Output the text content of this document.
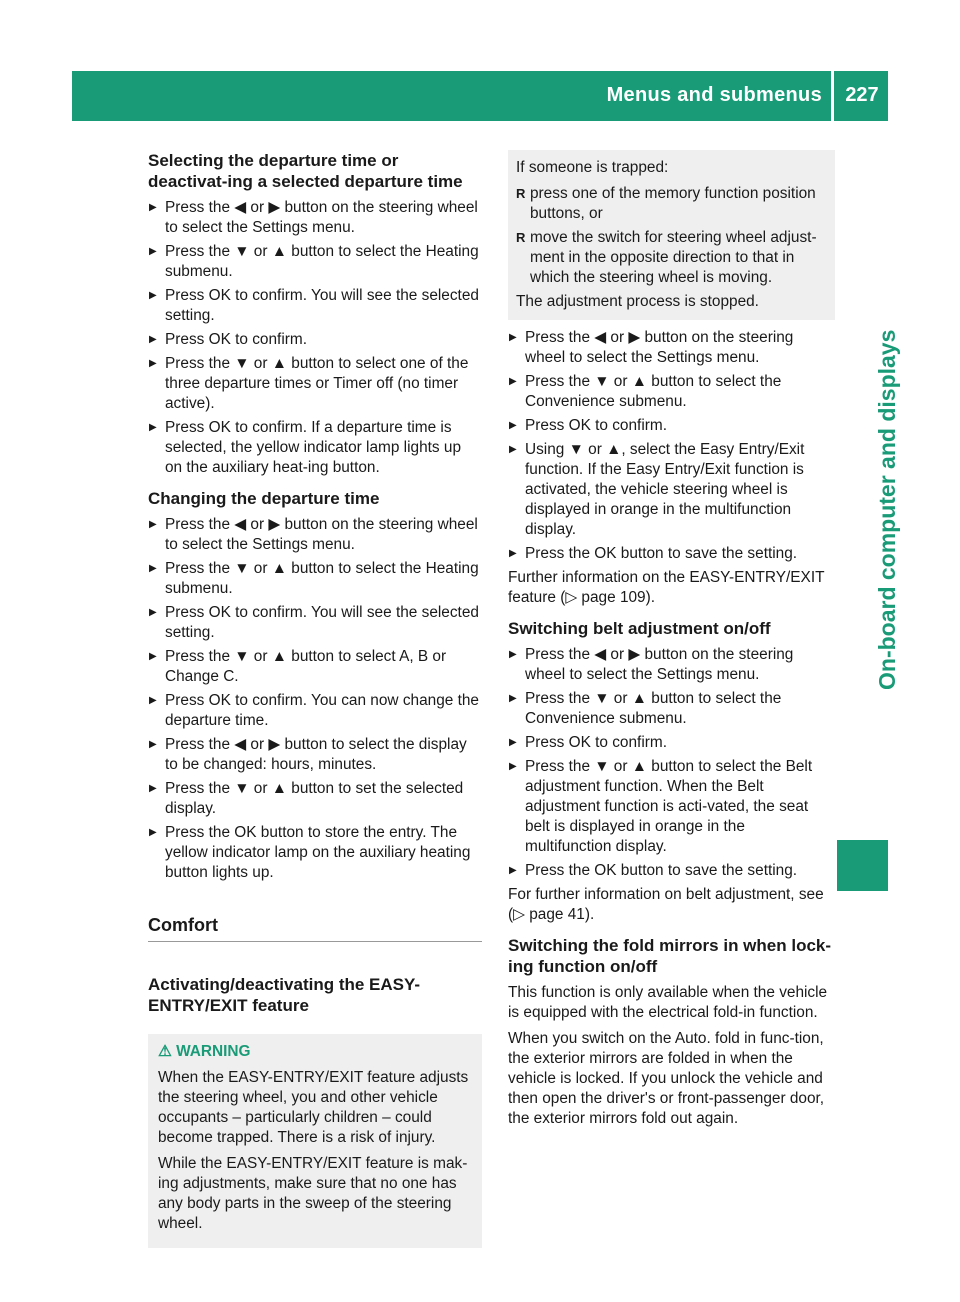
Menus and submenus 227
On-board computer and displays
Selecting the departure time or deactivat-ing a selected departure time
▶ Press the ◀ or ▶ button on the steering wheel to select the Settings menu.
▶ Press the ▼ or ▲ button to select the Heating submenu.
▶ Press OK to confirm. You will see the selected setting.
▶ Press OK to confirm.
▶ Press the ▼ or ▲ button to select one of the three departure times or Timer off (no timer active).
▶ Press OK to confirm. If a departure time is selected, the yellow indicator lamp lights up on the auxiliary heat-ing button.
Changing the departure time
▶ Press the ◀ or ▶ button on the steering wheel to select the Settings menu.
▶ Press the ▼ or ▲ button to select the Heating submenu.
▶ Press OK to confirm. You will see the selected setting.
▶ Press the ▼ or ▲ button to select A, B or Change C.
▶ Press OK to confirm. You can now change the departure time.
▶ Press the ◀ or ▶ button to select the display to be changed: hours, minutes.
▶ Press the ▼ or ▲ button to set the selected display.
▶ Press the OK button to store the entry. The yellow indicator lamp on the auxiliary heating button lights up.
Comfort
Activating/deactivating the EASY-ENTRY/EXIT feature
⚠ WARNING

When the EASY-ENTRY/EXIT feature adjusts the steering wheel, you and other vehicle occupants – particularly children – could become trapped. There is a risk of injury.

While the EASY-ENTRY/EXIT feature is mak-ing adjustments, make sure that no one has any body parts in the sweep of the steering wheel.

If someone is trapped:

R press one of the memory function position buttons, or
R move the switch for steering wheel adjust-ment in the opposite direction to that in which the steering wheel is moving.

The adjustment process is stopped.

▶ Press the ◀ or ▶ button on the steering wheel to select the Settings menu.
▶ Press the ▼ or ▲ button to select the Convenience submenu.
▶ Press OK to confirm.
▶ Using ▼ or ▲, select the Easy Entry/Exit function. If the Easy Entry/Exit function is activated, the vehicle steering wheel is displayed in orange in the multifunction display.
▶ Press the OK button to save the setting.

Further information on the EASY-ENTRY/EXIT feature (▷ page 109).

Switching belt adjustment on/off
▶ Press the ◀ or ▶ button on the steering wheel to select the Settings menu.
▶ Press the ▼ or ▲ button to select the Convenience submenu.
▶ Press OK to confirm.
▶ Press the ▼ or ▲ button to select the Belt adjustment function. When the Belt adjustment function is acti-vated, the seat belt is displayed in orange in the multifunction display.
▶ Press the OK button to save the setting.

For further information on belt adjustment, see (▷ page 41).

Switching the fold mirrors in when lock-ing function on/off

This function is only available when the vehicle is equipped with the electrical fold-in function.

When you switch on the Auto. fold in func-tion, the exterior mirrors are folded in when the vehicle is locked. If you unlock the vehicle and then open the driver's or front-passenger door, the exterior mirrors fold out again.
